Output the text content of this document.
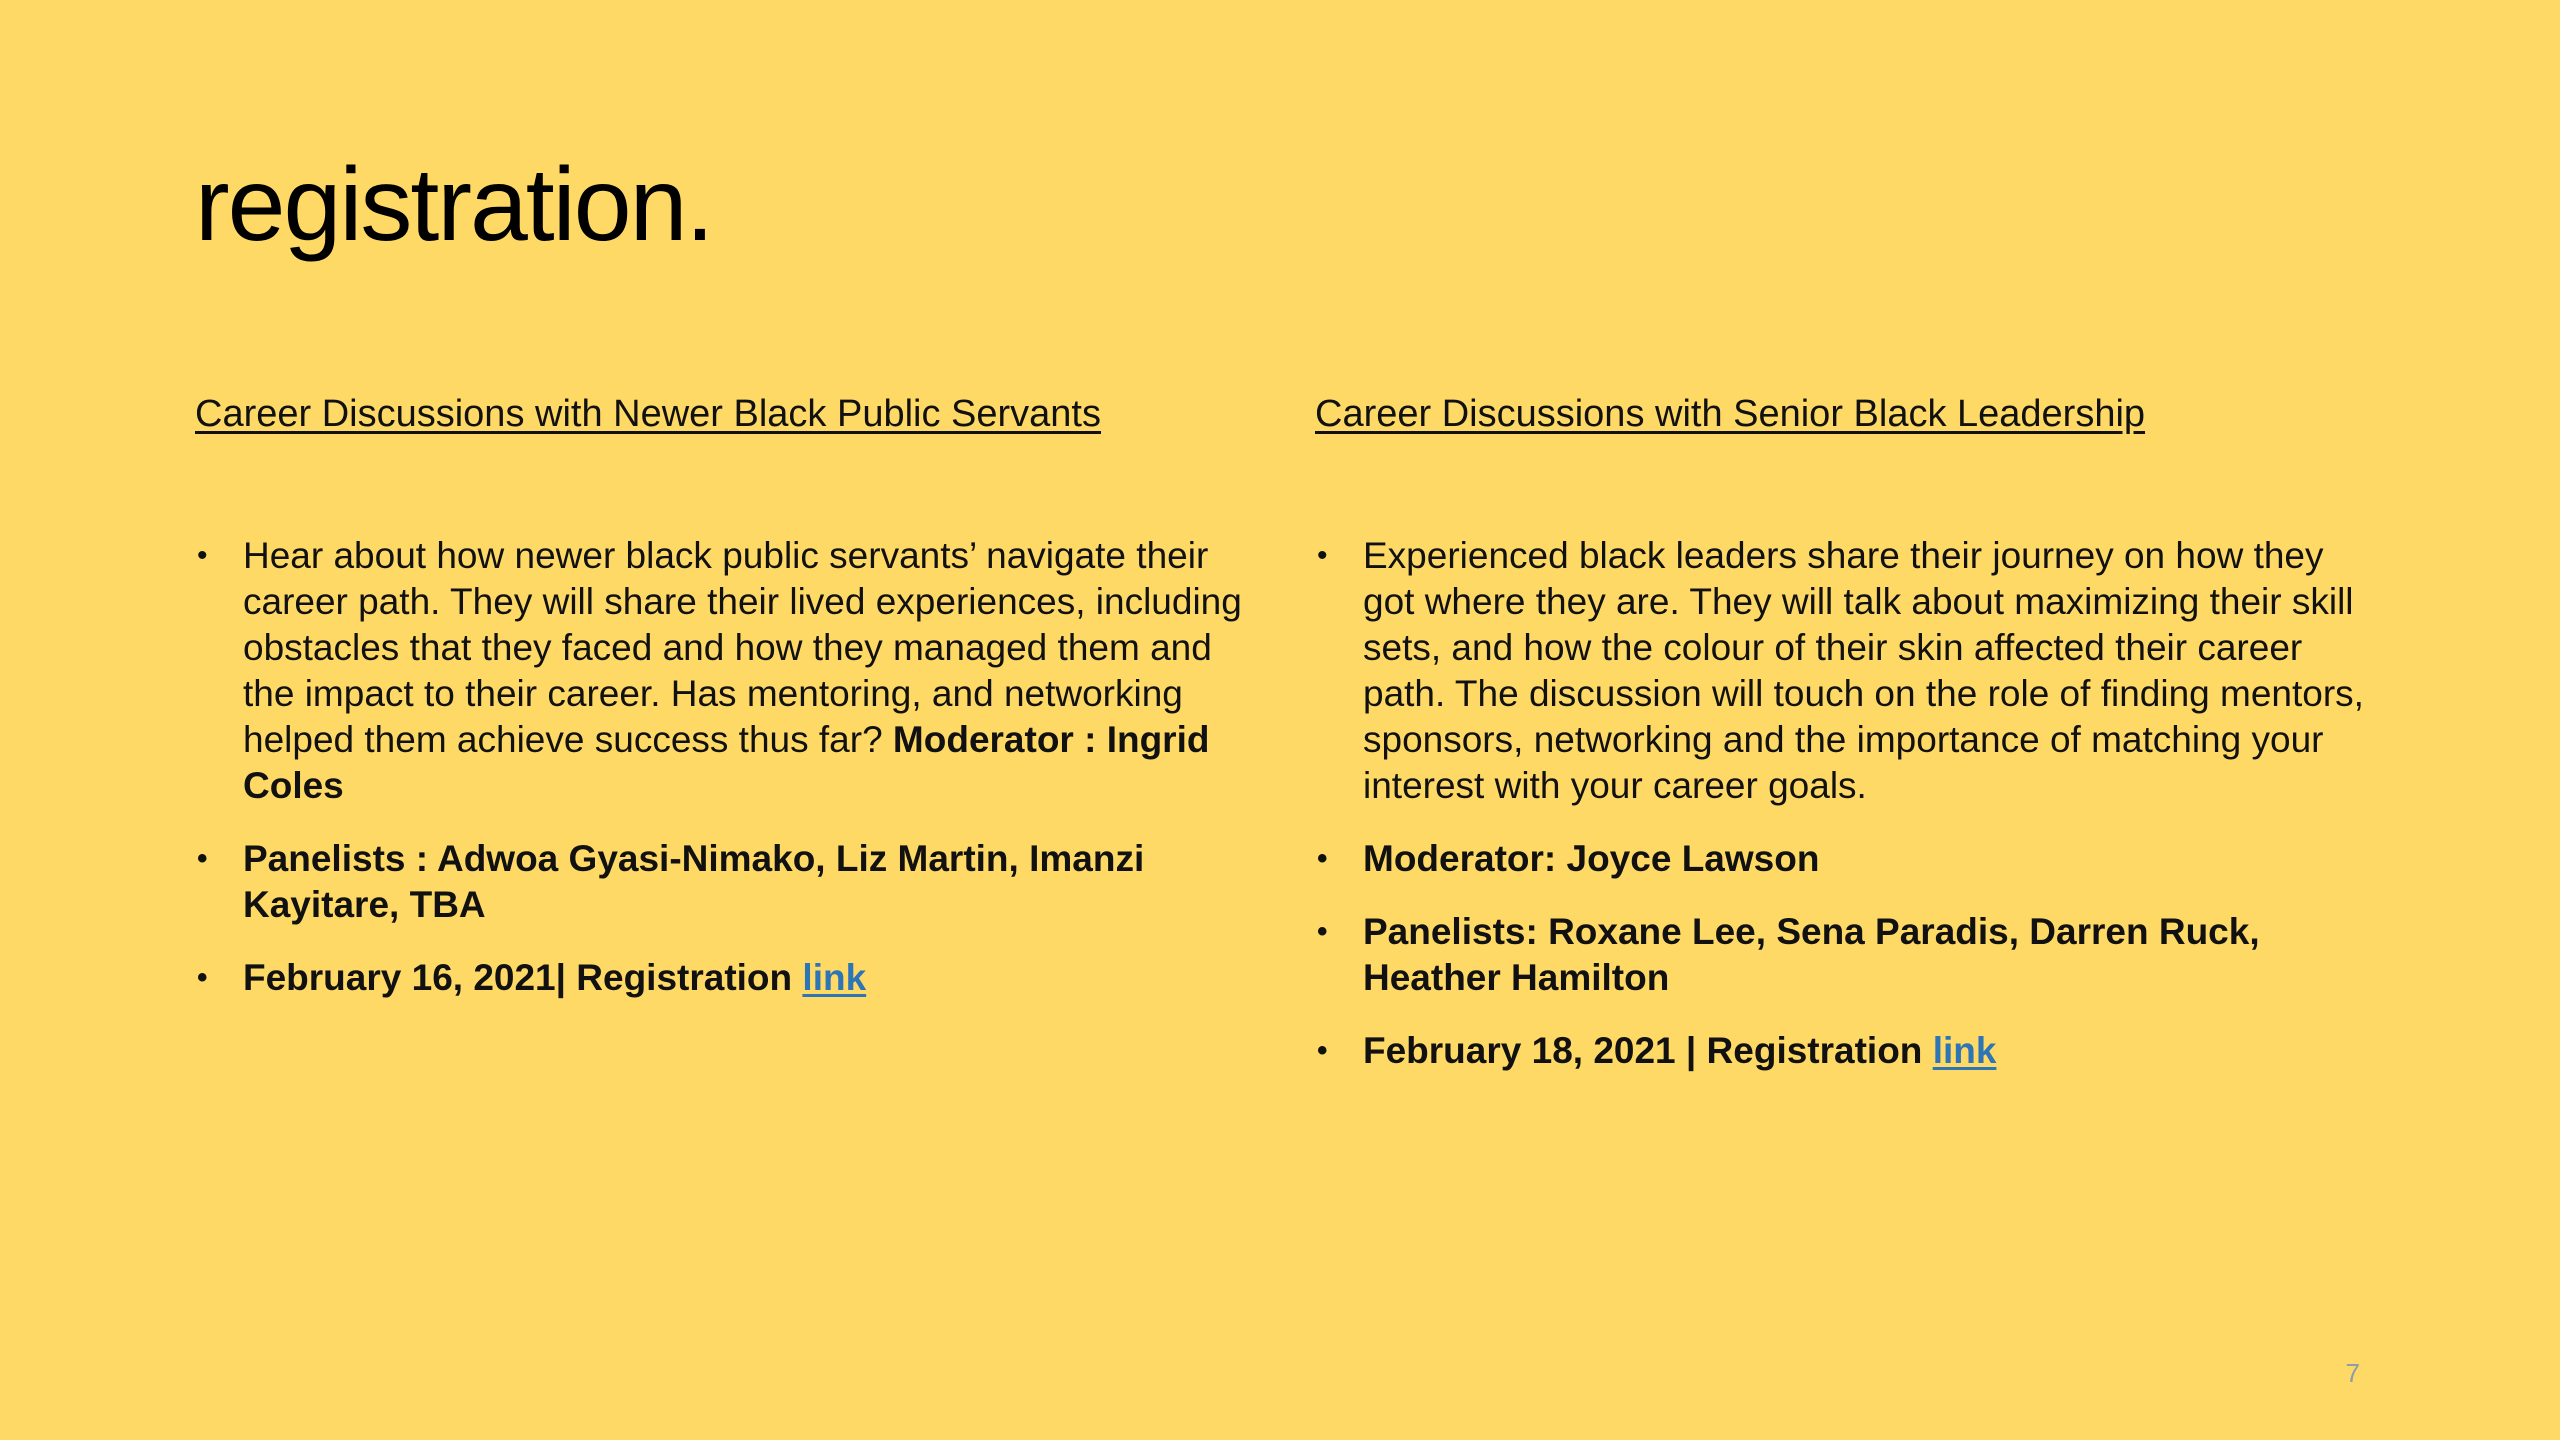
registration.
Career Discussions with Newer Black Public Servants
• Hear about how newer black public servants’ navigate their career path. They will share their lived experiences, including obstacles that they faced and how they managed them and the impact to their career. Has mentoring, and networking helped them achieve success thus far? Moderator : Ingrid Coles
• Panelists : Adwoa Gyasi-Nimako, Liz Martin, Imanzi Kayitare, TBA
• February 16, 2021| Registration link
Career Discussions with Senior Black Leadership
• Experienced black leaders share their journey on how they got where they are. They will talk about maximizing their skill sets, and how the colour of their skin affected their career path. The discussion will touch on the role of finding mentors, sponsors, networking and the importance of matching your interest with your career goals.
• Moderator: Joyce Lawson
• Panelists: Roxane Lee, Sena Paradis, Darren Ruck, Heather Hamilton
• February 18, 2021 | Registration link
7
